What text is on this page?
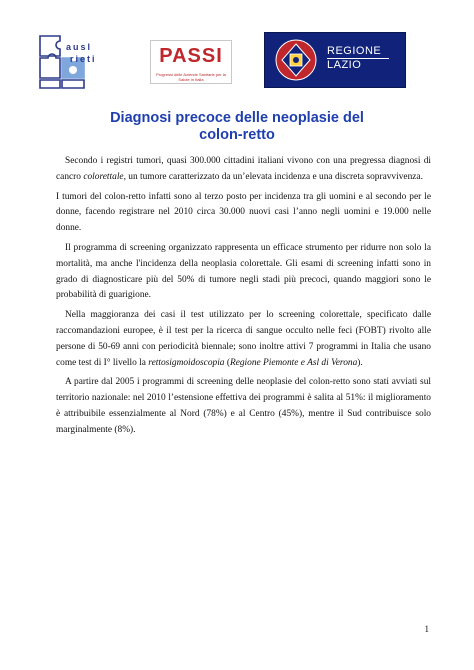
ausl
rieti	PASSI
Progressi delle Aziende Sanitarie per la Salute in Italia
REGIONE
LAZIO
Diagnosi precoce delle neoplasie del
colon-retto

Secondo i registri tumori, quasi 300.000 cittadini italiani vivono con una pregressa diagnosi di cancro colorettale, un tumore caratterizzato da un’elevata incidenza e una discreta sopravvivenza.

I tumori del colon-retto infatti sono al terzo posto per incidenza tra gli uomini e al secondo per le donne, facendo registrare nel 2010 circa 30.000 nuovi casi l’anno negli uomini e 19.000 nelle donne.

Il programma di screening organizzato rappresenta un efficace strumento per ridurre non solo la mortalità, ma anche l'incidenza della neoplasia colorettale. Gli esami di screening infatti sono in grado di diagnosticare più del 50% di tumore negli stadi più precoci, quando maggiori sono le probabilità di guarigione.

Nella maggioranza dei casi il test utilizzato per lo screening colorettale, specificato dalle raccomandazioni europee, è il test per la ricerca di sangue occulto nelle feci (FOBT) rivolto alle persone di 50-69 anni con periodicità biennale; sono inoltre attivi 7 programmi in Italia che usano come test di I° livello la rettosigmoidoscopia (Regione Piemonte e Asl di Verona).

A partire dal 2005 i programmi di screening delle neoplasie del colon-retto sono stati avviati sul territorio nazionale: nel 2010 l’estensione effettiva dei programmi è salita al 51%: il miglioramento è attribuibile essenzialmente al Nord (78%) e al Centro (45%), mentre il Sud contribuisce solo marginalmente (8%).

1
